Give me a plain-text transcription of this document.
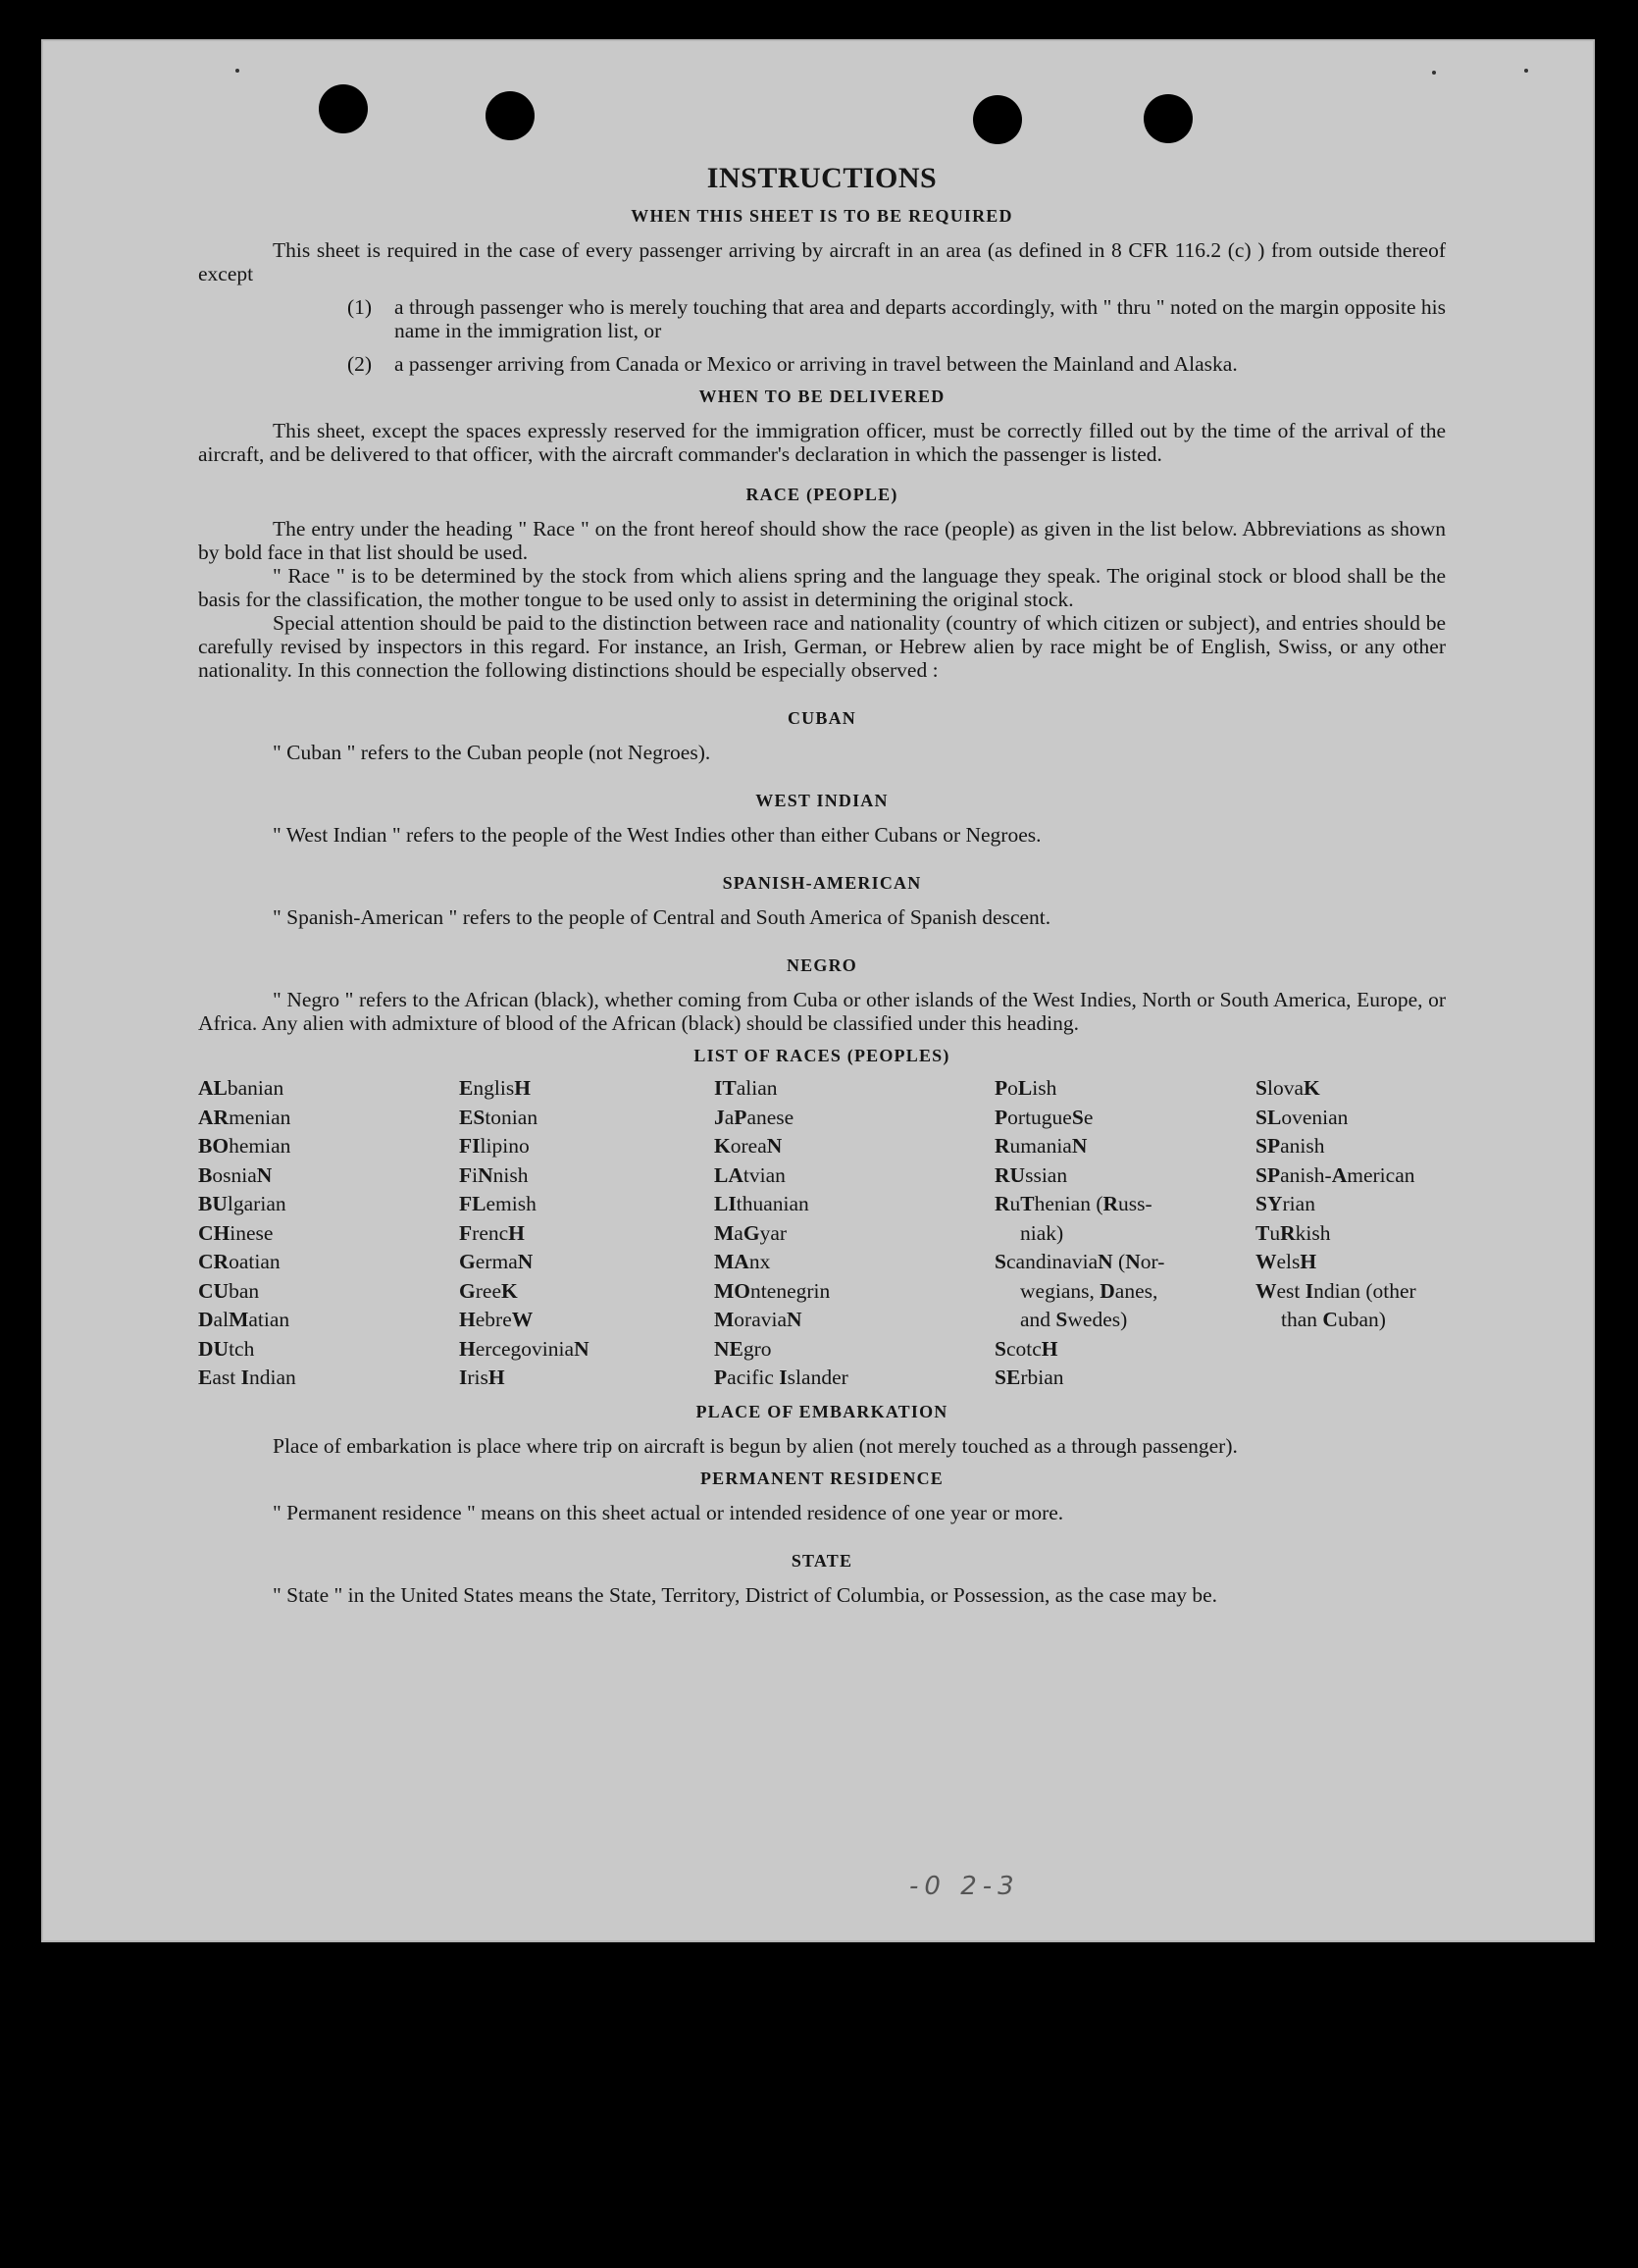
INSTRUCTIONS
WHEN THIS SHEET IS TO BE REQUIRED

This sheet is required in the case of every passenger arriving by aircraft in an area (as defined in 8 CFR 116.2 (c) ) from outside thereof except

(1)	a through passenger who is merely touching that area and departs accordingly, with " thru " noted on the margin opposite his name in the immigration list, or
(2)	a passenger arriving from Canada or Mexico or arriving in travel between the Mainland and Alaska.
WHEN TO BE DELIVERED

This sheet, except the spaces expressly reserved for the immigration officer, must be correctly filled out by the time of the arrival of the aircraft, and be delivered to that officer, with the aircraft commander's declaration in which the passenger is listed.

RACE (PEOPLE)

The entry under the heading " Race " on the front hereof should show the race (people) as given in the list below. Abbreviations as shown by bold face in that list should be used.

" Race " is to be determined by the stock from which aliens spring and the language they speak. The original stock or blood shall be the basis for the classification, the mother tongue to be used only to assist in determining the original stock.

Special attention should be paid to the distinction between race and nationality (country of which citizen or subject), and entries should be carefully revised by inspectors in this regard. For instance, an Irish, German, or Hebrew alien by race might be of English, Swiss, or any other nationality. In this connection the following distinctions should be especially observed :

CUBAN

" Cuban " refers to the Cuban people (not Negroes).

WEST INDIAN

" West Indian " refers to the people of the West Indies other than either Cubans or Negroes.

SPANISH-AMERICAN

" Spanish-American " refers to the people of Central and South America of Spanish descent.

NEGRO

" Negro " refers to the African (black), whether coming from Cuba or other islands of the West Indies, North or South America, Europe, or Africa. Any alien with admixture of blood of the African (black) should be classified under this heading.

LIST OF RACES (PEOPLES)
ALbanian
ARmenian
BOhemian
BosniaN
BUlgarian
CHinese
CRoatian
CUban
DalMatian
DUtch
East Indian
EnglisH
EStonian
FIlipino
FiNnish
FLemish
FrencH
GermaN
GreeK
HebreW
HercegoviniaN
IrisH
ITalian
JaPanese
KoreaN
LAtvian
LIthuanian
MaGyar
MAnx
MOntenegrin
MoraviaN
NEgro
Pacific Islander
PoLish
PortugueSe
RumaniaN
RUssian
RuThenian (Russ-
niak)
ScandinaviaN (Nor-
wegians, Danes,
and Swedes)
ScotcH
SErbian
SlovaK
SLovenian
SPanish
SPanish-American
SYrian
TuRkish
WelsH
West Indian (other
than Cuban)
PLACE OF EMBARKATION

Place of embarkation is place where trip on aircraft is begun by alien (not merely touched as a through passenger).

PERMANENT RESIDENCE

" Permanent residence " means on this sheet actual or intended residence of one year or more.

STATE

" State " in the United States means the State, Territory, District of Columbia, or Possession, as the case may be.

-0 2-3
